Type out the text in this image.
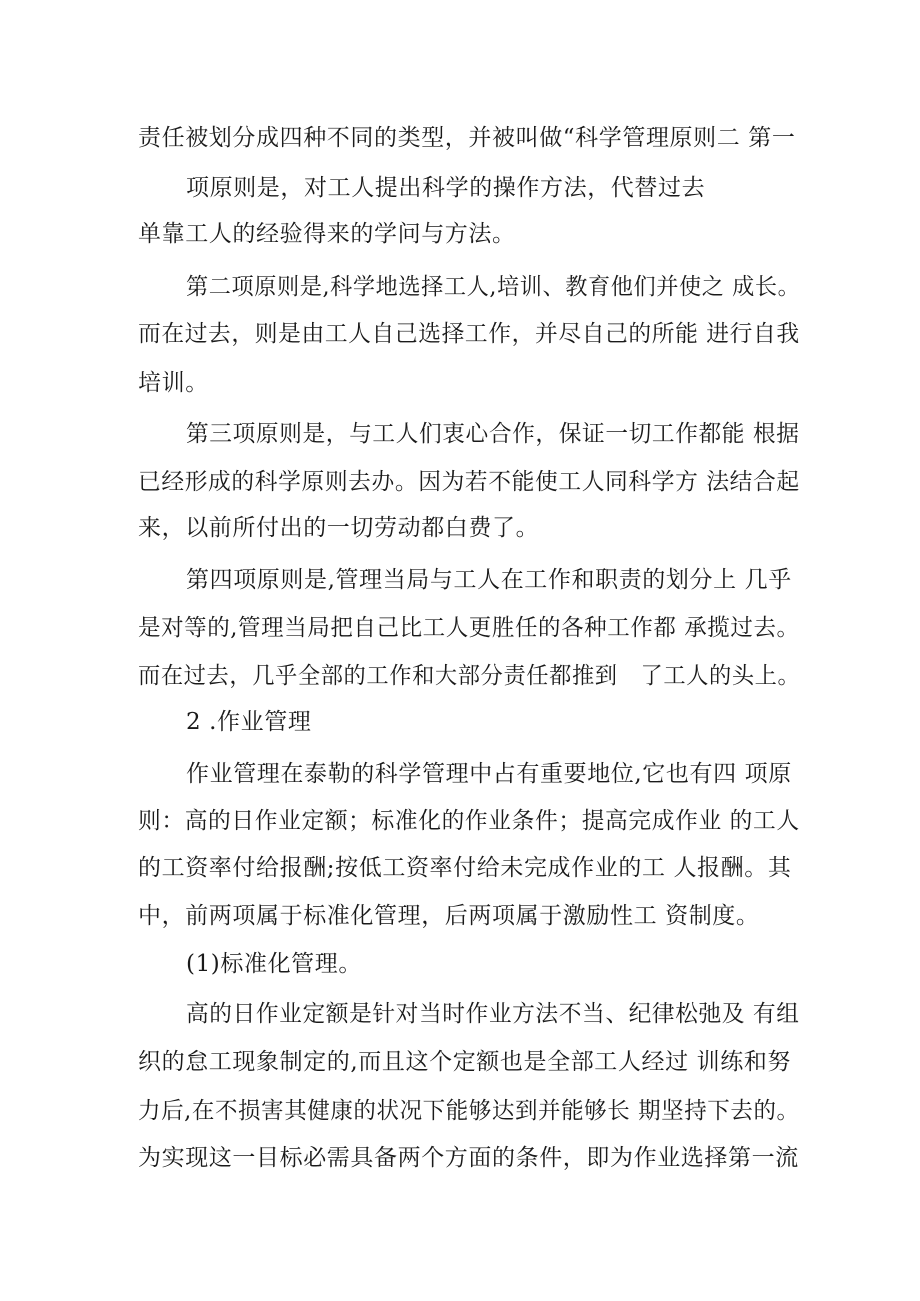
责任被划分成四种不同的类型，并被叫做“科学管理原则二 第一
项原则是，对工人提出科学的操作方法，代替过去
单靠工人的经验得来的学问与方法。
第二项原则是,科学地选择工人,培训、教育他们并使之 成长。
而在过去，则是由工人自己选择工作，并尽自己的所能 进行自我
培训。
第三项原则是，与工人们衷心合作，保证一切工作都能 根据
已经形成的科学原则去办。因为若不能使工人同科学方 法结合起
来，以前所付出的一切劳动都白费了。
第四项原则是,管理当局与工人在工作和职责的划分上 几乎
是对等的,管理当局把自己比工人更胜任的各种工作都 承揽过去。
而在过去，几乎全部的工作和大部分责任都推到　了工人的头上。
2 .作业管理
作业管理在泰勒的科学管理中占有重要地位,它也有四 项原
则：高的日作业定额；标准化的作业条件；提高完成作业 的工人
的工资率付给报酬;按低工资率付给未完成作业的工 人报酬。其
中，前两项属于标准化管理，后两项属于激励性工 资制度。
(1)标准化管理。
高的日作业定额是针对当时作业方法不当、纪律松弛及 有组
织的怠工现象制定的,而且这个定额也是全部工人经过 训练和努
力后,在不损害其健康的状况下能够达到并能够长 期坚持下去的。
为实现这一目标必需具备两个方面的条件，即为作业选择第一流
